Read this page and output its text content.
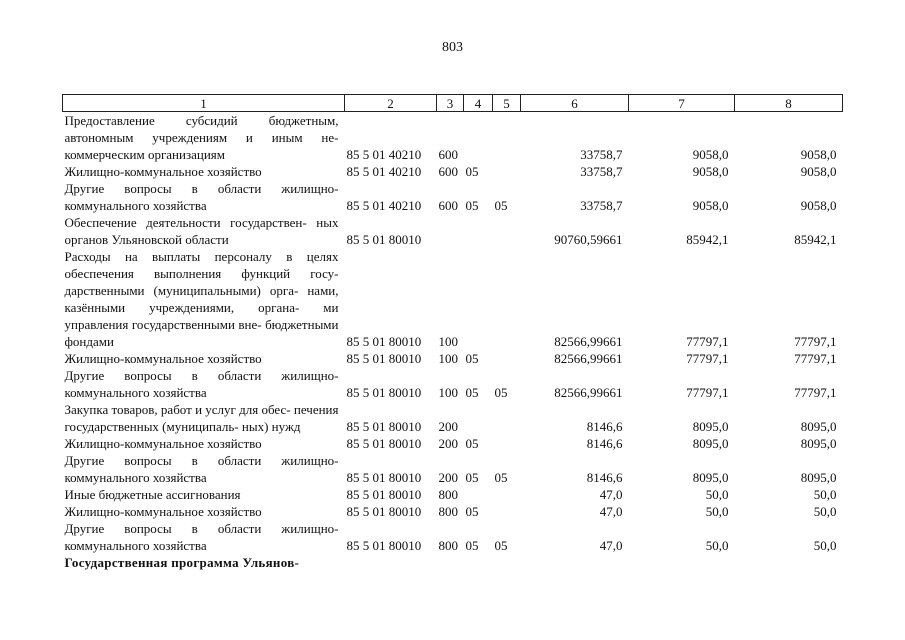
803
1	2	3	4	5	6	7	8
Предоставление субсидий бюджетным, автономным учреждениям и иным не- коммерческим организациям	85 5 01 40210	600			33758,7	9058,0	9058,0
Жилищно-коммунальное хозяйство	85 5 01 40210	600	05		33758,7	9058,0	9058,0
Другие вопросы в области жилищно- коммунального хозяйства	85 5 01 40210	600	05	05	33758,7	9058,0	9058,0
Обеспечение деятельности государствен- ных органов Ульяновской области	85 5 01 80010				90760,59661	85942,1	85942,1
Расходы на выплаты персоналу в целях обеспечения выполнения функций госу- дарственными (муниципальными) орга- нами, казёнными учреждениями, органа- ми управления государственными вне- бюджетными фондами	85 5 01 80010	100			82566,99661	77797,1	77797,1
Жилищно-коммунальное хозяйство	85 5 01 80010	100	05		82566,99661	77797,1	77797,1
Другие вопросы в области жилищно- коммунального хозяйства	85 5 01 80010	100	05	05	82566,99661	77797,1	77797,1
Закупка товаров, работ и услуг для обес- печения государственных (муниципаль- ных) нужд	85 5 01 80010	200			8146,6	8095,0	8095,0
Жилищно-коммунальное хозяйство	85 5 01 80010	200	05		8146,6	8095,0	8095,0
Другие вопросы в области жилищно- коммунального хозяйства	85 5 01 80010	200	05	05	8146,6	8095,0	8095,0
Иные бюджетные ассигнования	85 5 01 80010	800			47,0	50,0	50,0
Жилищно-коммунальное хозяйство	85 5 01 80010	800	05		47,0	50,0	50,0
Другие вопросы в области жилищно- коммунального хозяйства	85 5 01 80010	800	05	05	47,0	50,0	50,0
Государственная программа Ульянов-							
